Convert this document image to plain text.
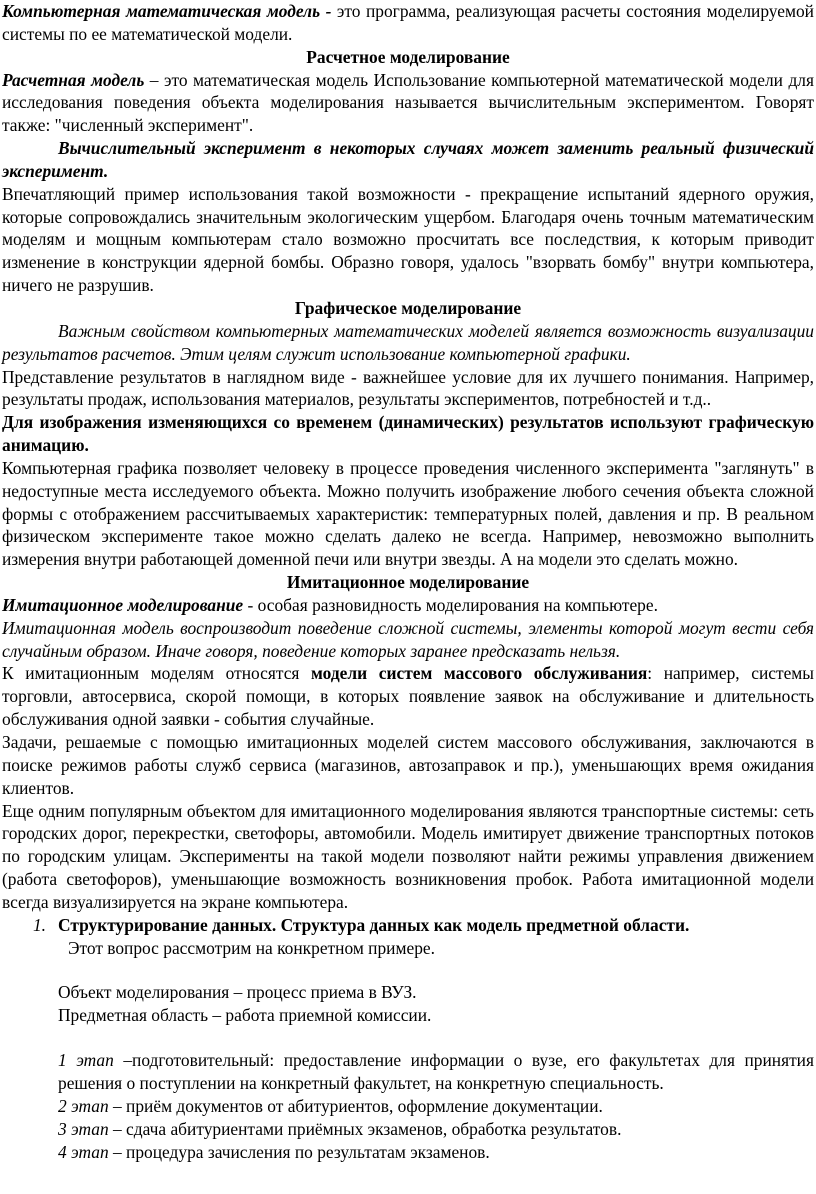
Компьютерная математическая модель - это программа, реализующая расчеты состояния моделируемой системы по ее математической модели.

Расчетное моделирование

Расчетная модель – это математическая модель Использование компьютерной математической модели для исследования поведения объекта моделирования называется вычислительным экспериментом. Говорят также: "численный эксперимент".

Вычислительный эксперимент в некоторых случаях может заменить реальный физический эксперимент.

Впечатляющий пример использования такой возможности - прекращение испытаний ядерного оружия, которые сопровождались значительным экологическим ущербом. Благодаря очень точным математическим моделям и мощным компьютерам стало возможно просчитать все последствия, к которым приводит изменение в конструкции ядерной бомбы. Образно говоря, удалось "взорвать бомбу" внутри компьютера, ничего не разрушив.

Графическое моделирование

Важным свойством компьютерных математических моделей является возможность визуализации результатов расчетов. Этим целям служит использование компьютерной графики.

Представление результатов в наглядном виде - важнейшее условие для их лучшего понимания. Например, результаты продаж, использования материалов, результаты экспериментов, потребностей и т.д..

Для изображения изменяющихся со временем (динамических) результатов используют графическую анимацию.

Компьютерная графика позволяет человеку в процессе проведения численного эксперимента "заглянуть" в недоступные места исследуемого объекта. Можно получить изображение любого сечения объекта сложной формы с отображением рассчитываемых характеристик: температурных полей, давления и пр. В реальном физическом эксперименте такое можно сделать далеко не всегда. Например, невозможно выполнить измерения внутри работающей доменной печи или внутри звезды. А на модели это сделать можно.

Имитационное моделирование

Имитационное моделирование - особая разновидность моделирования на компьютере.

Имитационная модель воспроизводит поведение сложной системы, элементы которой могут вести себя случайным образом. Иначе говоря, поведение которых заранее предсказать нельзя.

К имитационным моделям относятся модели систем массового обслуживания: например, системы торговли, автосервиса, скорой помощи, в которых появление заявок на обслуживание и длительность обслуживания одной заявки - события случайные.

Задачи, решаемые с помощью имитационных моделей систем массового обслуживания, заключаются в поиске режимов работы служб сервиса (магазинов, автозаправок и пр.), уменьшающих время ожидания клиентов.

Еще одним популярным объектом для имитационного моделирования являются транспортные системы: сеть городских дорог, перекрестки, светофоры, автомобили. Модель имитирует движение транспортных потоков по городским улицам. Эксперименты на такой модели позволяют найти режимы управления движением (работа светофоров), уменьшающие возможность возникновения пробок. Работа имитационной модели всегда визуализируется на экране компьютера.

1. Структурирование данных. Структура данных как модель предметной области.

Этот вопрос рассмотрим на конкретном примере.

Объект моделирования – процесс приема в ВУЗ.

Предметная область – работа приемной комиссии.

1 этап –подготовительный: предоставление информации о вузе, его факультетах для принятия решения о поступлении на конкретный факультет, на конкретную специальность.

2 этап – приём документов от абитуриентов, оформление документации.

3 этап – сдача абитуриентами приёмных экзаменов, обработка результатов.

4 этап – процедура зачисления по результатам экзаменов.
